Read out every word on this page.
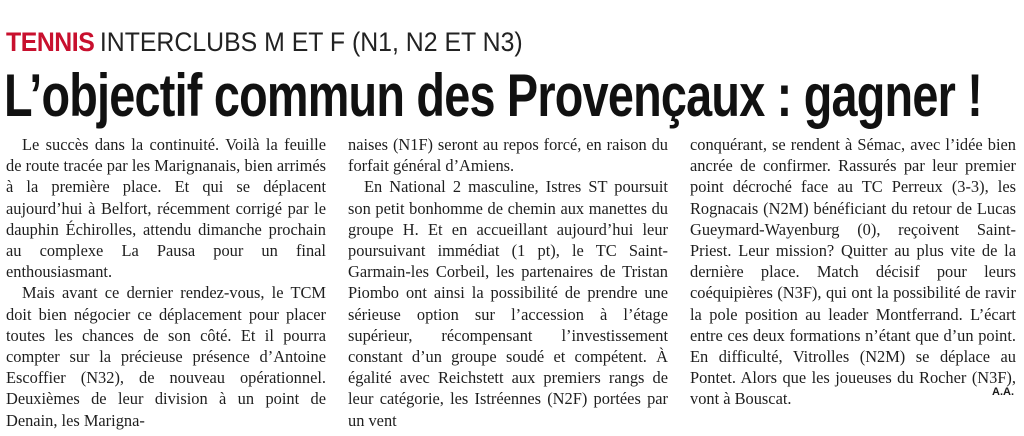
TENNIS INTERCLUBS M ET F (N1, N2 ET N3)
L’objectif commun des Provençaux : gagner !

Le succès dans la continuité. Voilà la feuille de route tracée par les Marignanais, bien arrimés à la première place. Et qui se déplacent aujourd’hui à Belfort, récemment corrigé par le dauphin Échirolles, attendu dimanche prochain au complexe La Pausa pour un final enthousiasmant.

Mais avant ce dernier rendez-vous, le TCM doit bien négocier ce déplacement pour placer toutes les chances de son côté. Et il pourra compter sur la précieuse présence d’Antoine Escoffier (N32), de nouveau opérationnel. Deuxièmes de leur division à un point de Denain, les Marigna-

naises (N1F) seront au repos forcé, en raison du forfait général d’Amiens.

En National 2 masculine, Istres ST poursuit son petit bonhomme de chemin aux manettes du groupe H. Et en accueillant aujourd’hui leur poursuivant immédiat (1 pt), le TC Saint-Garmain-les Corbeil, les partenaires de Tristan Piombo ont ainsi la possibilité de prendre une sérieuse option sur l’accession à l’étage supérieur, récompensant l’investissement constant d’un groupe soudé et compétent. À égalité avec Reichstett aux premiers rangs de leur catégorie, les Istréennes (N2F) portées par un vent

conquérant, se rendent à Sémac, avec l’idée bien ancrée de confirmer. Rassurés par leur premier point décroché face au TC Perreux (3-3), les Rognacais (N2M) bénéficiant du retour de Lucas Gueymard-Wayenburg (0), reçoivent Saint-Priest. Leur mission? Quitter au plus vite de la dernière place. Match décisif pour leurs coéquipières (N3F), qui ont la possibilité de ravir la pole position au leader Montferrand. L’écart entre ces deux formations n’étant que d’un point. En difficulté, Vitrolles (N2M) se déplace au Pontet. Alors que les joueuses du Rocher (N3F), vont à Bouscat.	A.A.
